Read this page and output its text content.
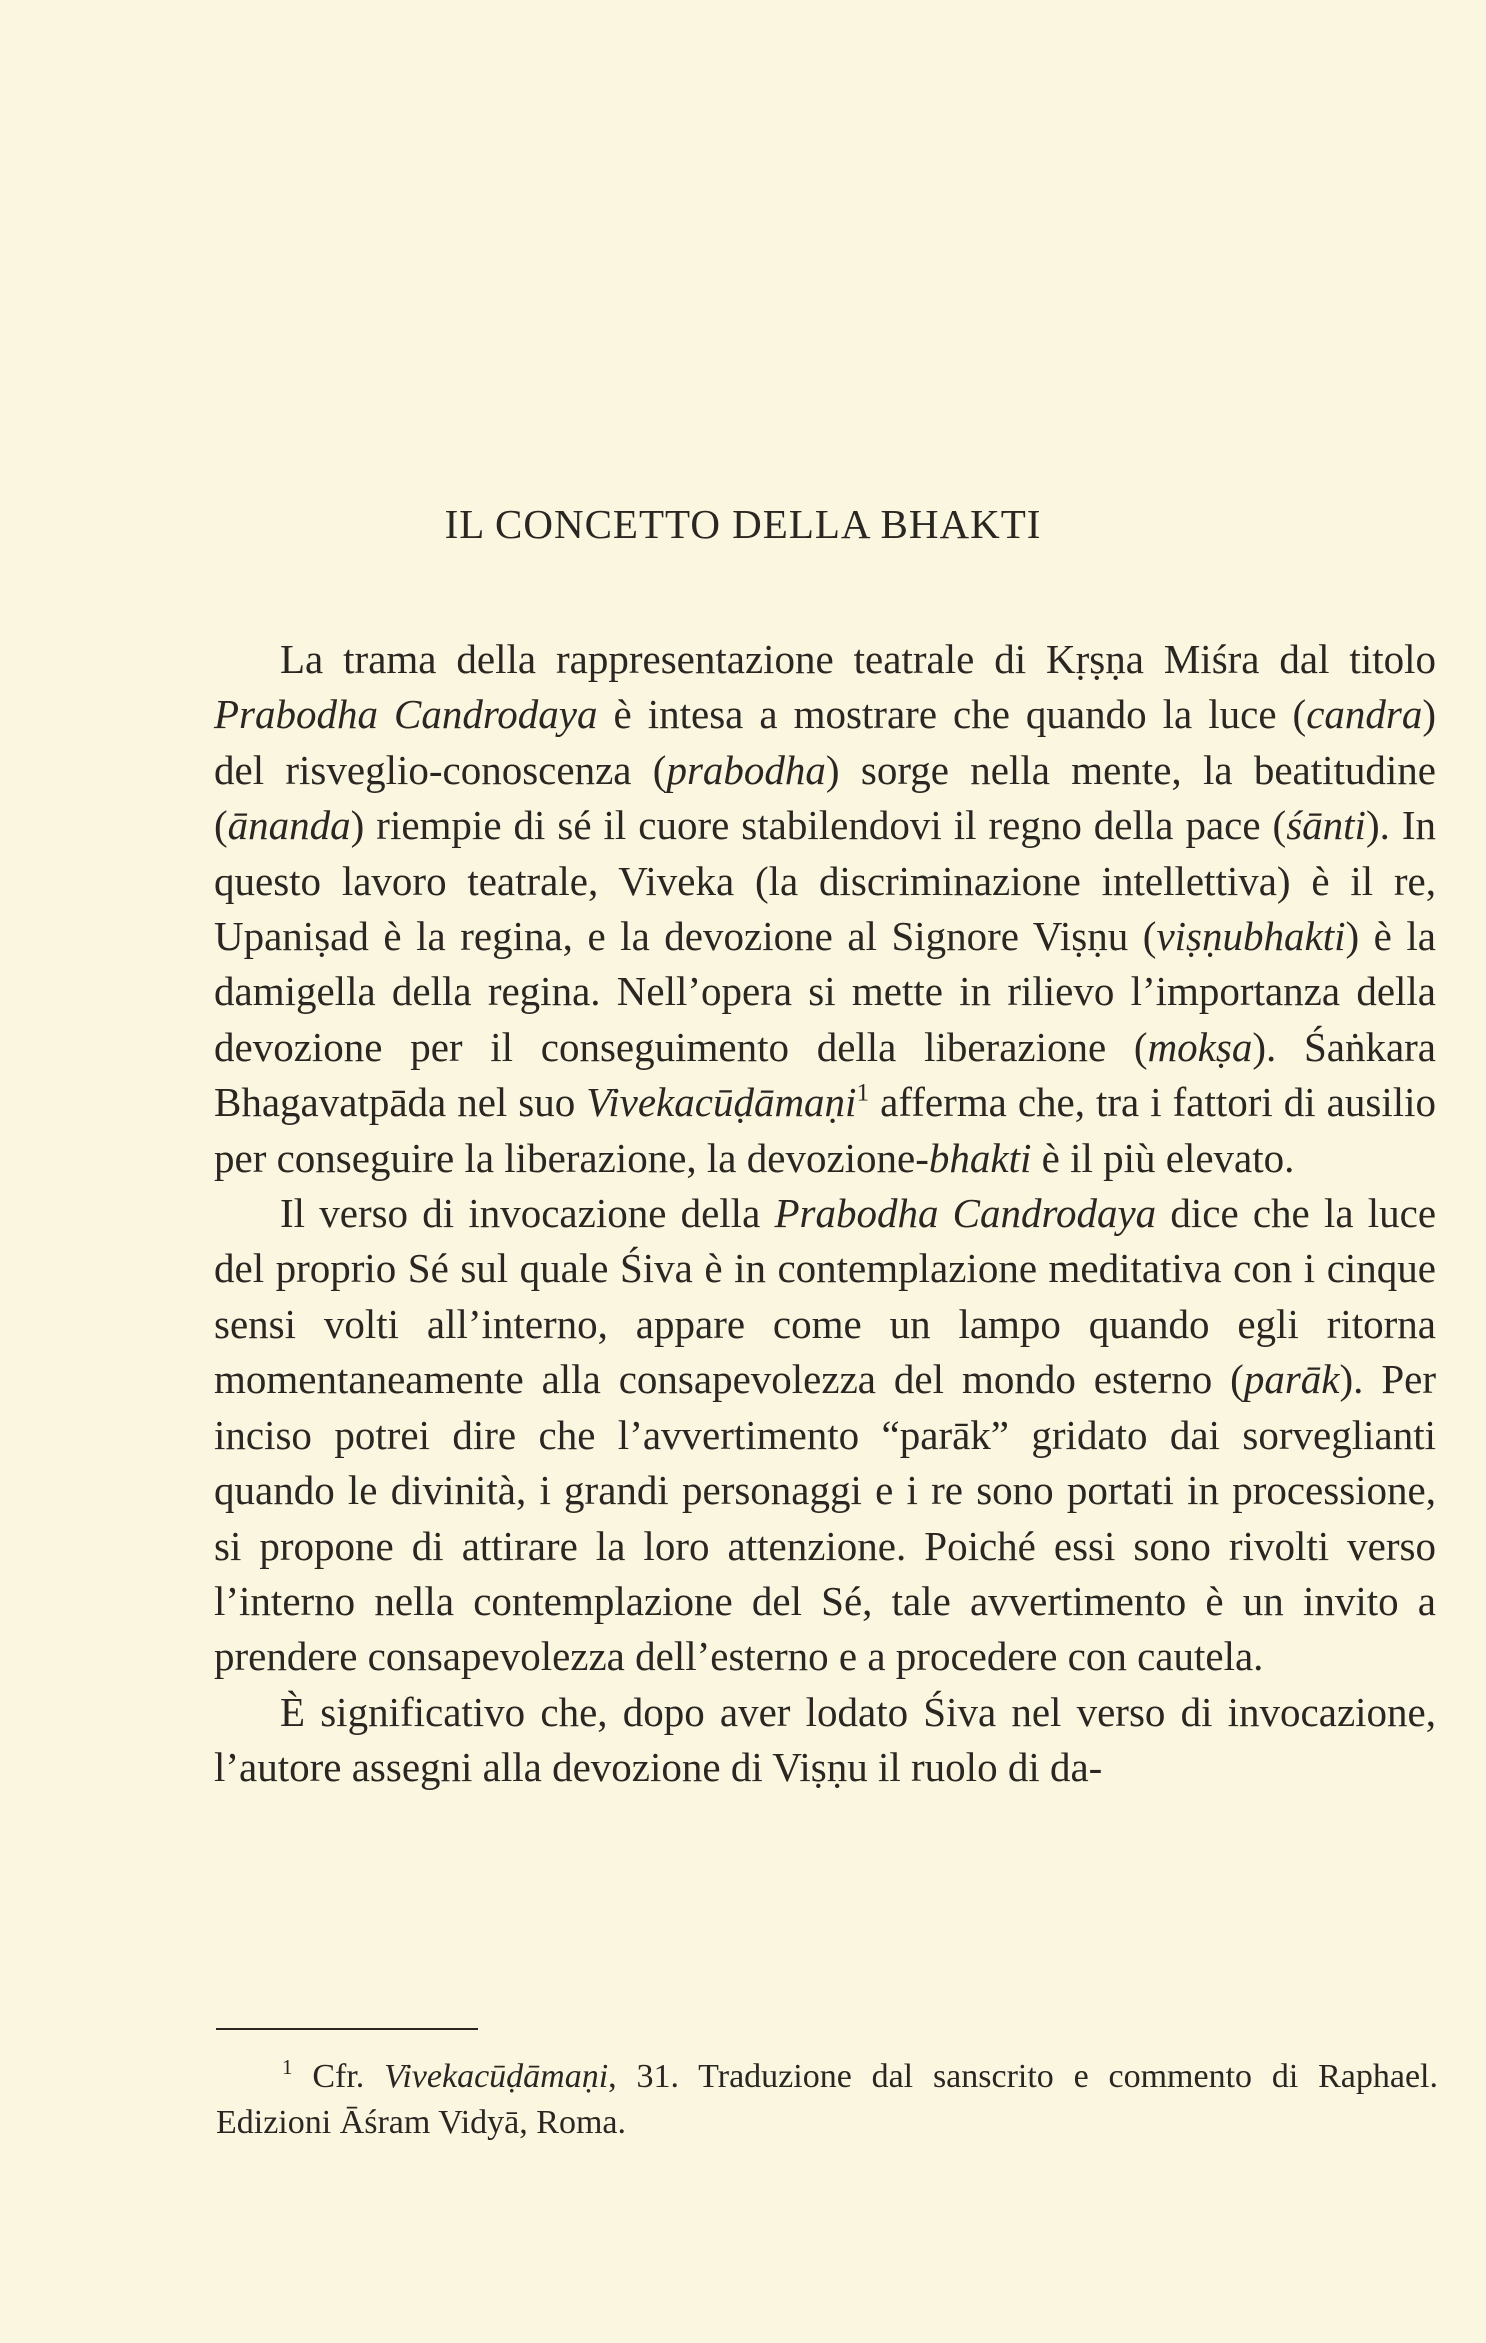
IL CONCETTO DELLA BHAKTI

La trama della rappresentazione teatrale di Kṛṣṇa Miśra dal titolo Prabodha Candrodaya è intesa a mostrare che quando la luce (candra) del risveglio-conoscenza (prabodha) sorge nella mente, la beatitudine (ānanda) riempie di sé il cuore stabilendovi il regno della pace (śānti). In questo lavoro teatrale, Viveka (la discriminazione intellettiva) è il re, Upaniṣad è la regina, e la devozione al Signore Viṣṇu (viṣṇubhakti) è la damigella della regina. Nell’opera si mette in rilievo l’importanza della devozione per il conseguimento della liberazione (mokṣa). Śaṅkara Bhagavatpāda nel suo Vivekacūḍāmaṇi$^1$ afferma che, tra i fattori di ausilio per conseguire la liberazione, la devozione-bhakti è il più elevato.

Il verso di invocazione della Prabodha Candrodaya dice che la luce del proprio Sé sul quale Śiva è in contemplazione meditativa con i cinque sensi volti all’interno, appare come un lampo quando egli ritorna momentaneamente alla consapevolezza del mondo esterno (parāk). Per inciso potrei dire che l’avvertimento “parāk” gridato dai sorveglianti quando le divinità, i grandi personaggi e i re sono portati in processione, si propone di attirare la loro attenzione. Poiché essi sono rivolti verso l’interno nella contemplazione del Sé, tale avvertimento è un invito a prendere consapevolezza dell’esterno e a procedere con cautela.

È significativo che, dopo aver lodato Śiva nel verso di invocazione, l’autore assegni alla devozione di Viṣṇu il ruolo di da-

$^1$ Cfr. Vivekacūḍāmaṇi, 31. Traduzione dal sanscrito e commento di Raphael. Edizioni Āśram Vidyā, Roma.
